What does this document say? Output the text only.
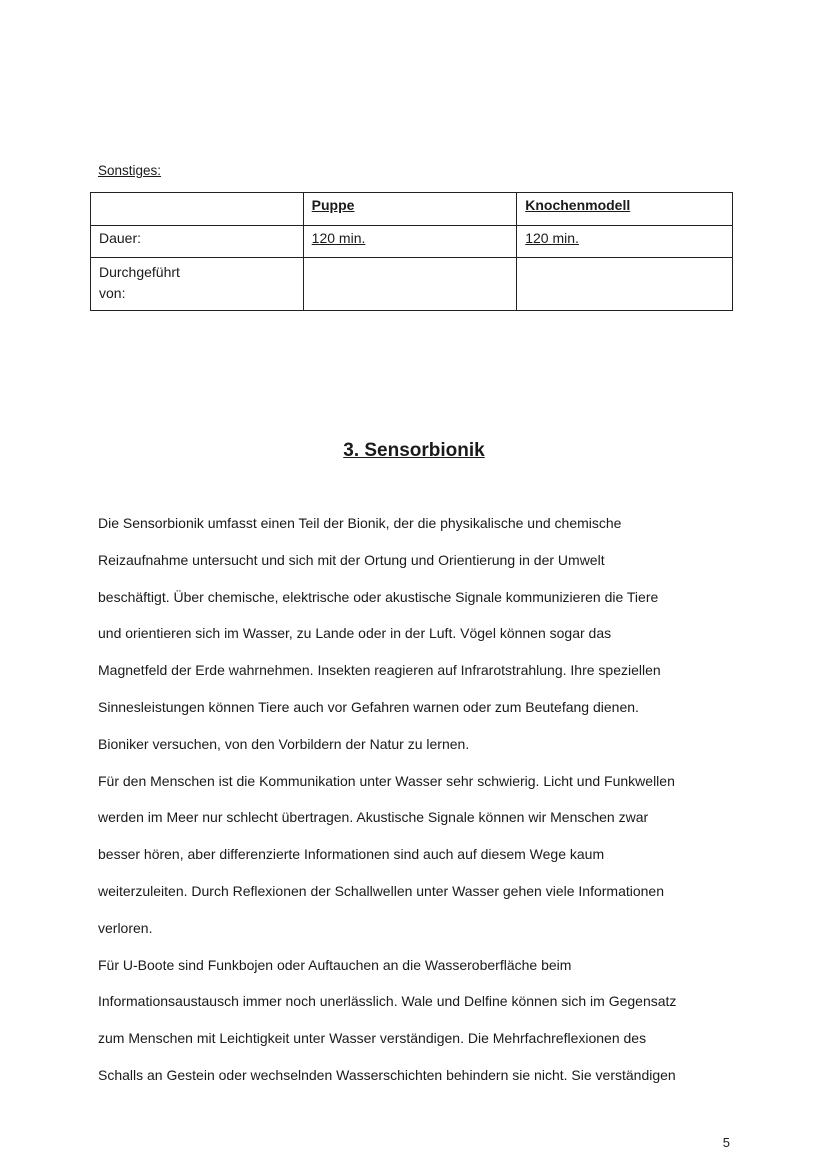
Sonstiges:

	Puppe	Knochenmodell
Dauer:	120 min.	120 min.
Durchgeführt
von:		
3. Sensorbionik
Die Sensorbionik umfasst einen Teil der Bionik, der die physikalische und chemische
Reizaufnahme untersucht und sich mit der Ortung und Orientierung in der Umwelt
beschäftigt. Über chemische, elektrische oder akustische Signale kommunizieren die Tiere
und orientieren sich im Wasser, zu Lande oder in der Luft. Vögel können sogar das
Magnetfeld der Erde wahrnehmen. Insekten reagieren auf Infrarotstrahlung. Ihre speziellen
Sinnesleistungen können Tiere auch vor Gefahren warnen oder zum Beutefang dienen.
Bioniker versuchen, von den Vorbildern der Natur zu lernen.
Für den Menschen ist die Kommunikation unter Wasser sehr schwierig. Licht und Funkwellen
werden im Meer nur schlecht übertragen. Akustische Signale können wir Menschen zwar
besser hören, aber differenzierte Informationen sind auch auf diesem Wege kaum
weiterzuleiten. Durch Reflexionen der Schallwellen unter Wasser gehen viele Informationen
verloren.
Für U-Boote sind Funkbojen oder Auftauchen an die Wasseroberfläche beim
Informationsaustausch immer noch unerlässlich. Wale und Delfine können sich im Gegensatz
zum Menschen mit Leichtigkeit unter Wasser verständigen. Die Mehrfachreflexionen des
Schalls an Gestein oder wechselnden Wasserschichten behindern sie nicht. Sie verständigen
5
